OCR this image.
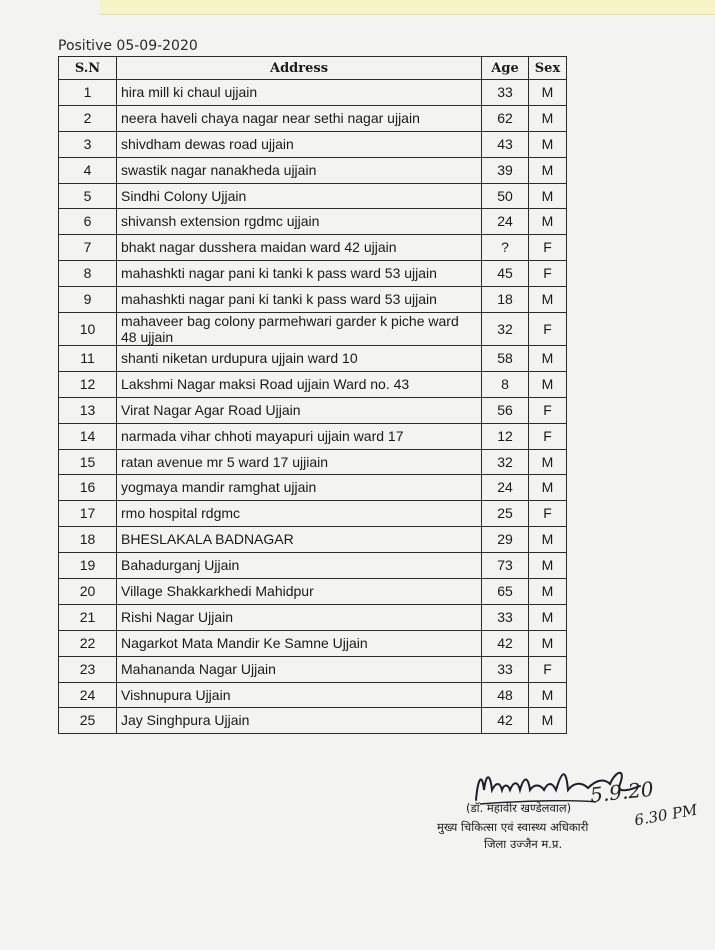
Positive 05-09-2020
S.N	Address	Age	Sex
1	hira mill ki chaul ujjain	33	M
2	neera haveli chaya nagar near sethi nagar ujjain	62	M
3	shivdham dewas road ujjain	43	M
4	swastik nagar nanakheda ujjain	39	M
5	Sindhi Colony Ujjain	50	M
6	shivansh extension rgdmc ujjain	24	M
7	bhakt nagar dusshera maidan ward 42 ujjain	?	F
8	mahashkti nagar pani ki tanki k pass ward 53 ujjain	45	F
9	mahashkti nagar pani ki tanki k pass ward 53 ujjain	18	M
10	mahaveer bag colony parmehwari garder k piche ward 48 ujjain	32	F
11	shanti niketan urdupura ujjain ward 10	58	M
12	Lakshmi Nagar maksi Road ujjain Ward no. 43	8	M
13	Virat Nagar Agar Road Ujjain	56	F
14	narmada vihar chhoti mayapuri ujjain ward 17	12	F
15	ratan avenue mr 5 ward 17 ujjiain	32	M
16	yogmaya mandir ramghat ujjain	24	M
17	rmo hospital rdgmc	25	F
18	BHESLAKALA BADNAGAR	29	M
19	Bahadurganj Ujjain	73	M
20	Village Shakkarkhedi Mahidpur	65	M
21	Rishi Nagar Ujjain	33	M
22	Nagarkot Mata Mandir Ke Samne Ujjain	42	M
23	Mahananda Nagar Ujjain	33	F
24	Vishnupura Ujjain	48	M
25	Jay Singhpura Ujjain	42	M
5.9.20
6.30 PM
(डॉ. महावीर खण्डेलवाल)
मुख्य चिकित्सा एवं स्वास्थ्य अधिकारी
जिला उज्जैन म.प्र.
